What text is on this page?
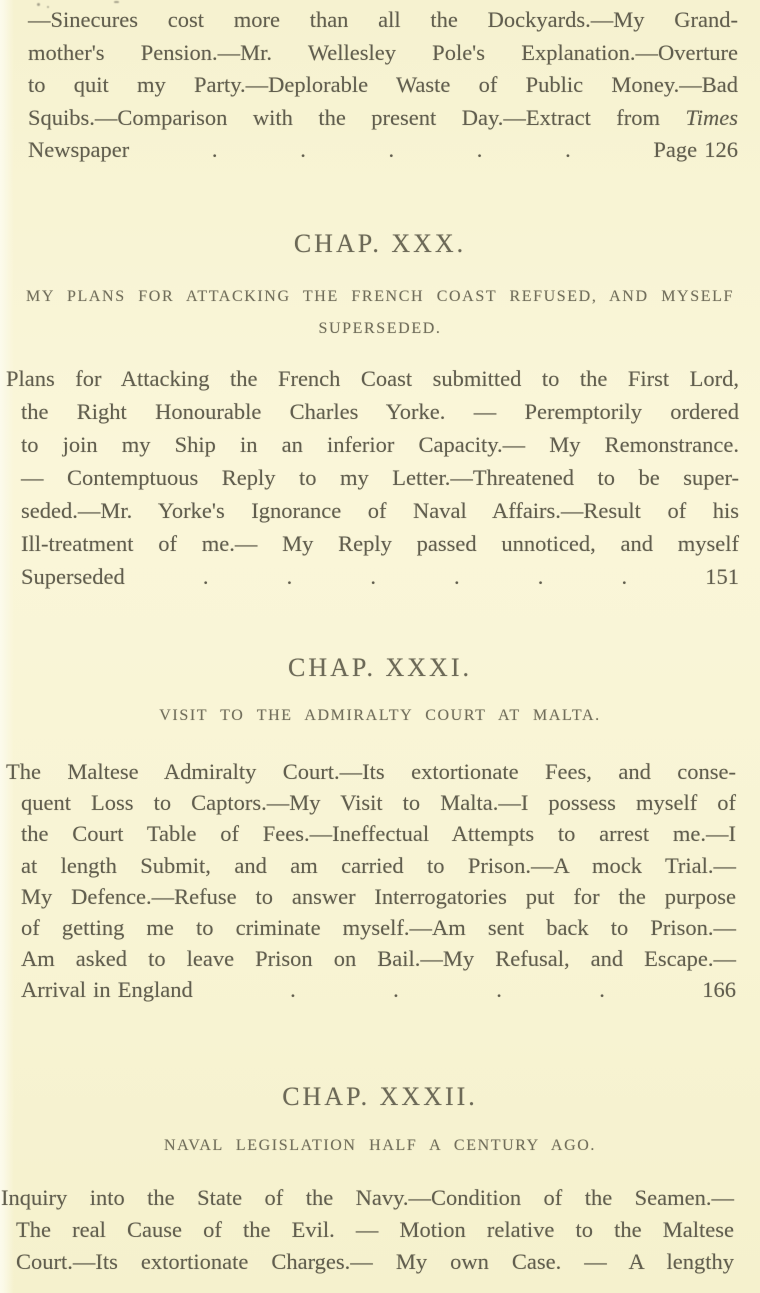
—Sinecures cost more than all the Dockyards.—My Grand-
mother's Pension.—Mr. Wellesley Pole's Explanation.—Overture
to quit my Party.—Deplorable Waste of Public Money.—Bad
Squibs.—Comparison with the present Day.—Extract from Times
Newspaper	.	.	.	.	.	Page 126
CHAP. XXX.
MY PLANS FOR ATTACKING THE FRENCH COAST REFUSED, AND MYSELF
SUPERSEDED.
Plans for Attacking the French Coast submitted to the First Lord,
the Right Honourable Charles Yorke. — Peremptorily ordered
to join my Ship in an inferior Capacity.— My Remonstrance.
— Contemptuous Reply to my Letter.—Threatened to be super-
seded.—Mr. Yorke's Ignorance of Naval Affairs.—Result of his
Ill-treatment of me.— My Reply passed unnoticed, and myself
Superseded	.	.	.	.	.	.	151
CHAP. XXXI.
VISIT TO THE ADMIRALTY COURT AT MALTA.
The Maltese Admiralty Court.—Its extortionate Fees, and conse-
quent Loss to Captors.—My Visit to Malta.—I possess myself of
the Court Table of Fees.—Ineffectual Attempts to arrest me.—I
at length Submit, and am carried to Prison.—A mock Trial.—
My Defence.—Refuse to answer Interrogatories put for the purpose
of getting me to criminate myself.—Am sent back to Prison.—
Am asked to leave Prison on Bail.—My Refusal, and Escape.—
Arrival in England	.	.	.	.	166
CHAP. XXXII.
NAVAL LEGISLATION HALF A CENTURY AGO.
Inquiry into the State of the Navy.—Condition of the Seamen.—
The real Cause of the Evil. — Motion relative to the Maltese
Court.—Its extortionate Charges.— My own Case. — A lengthy
